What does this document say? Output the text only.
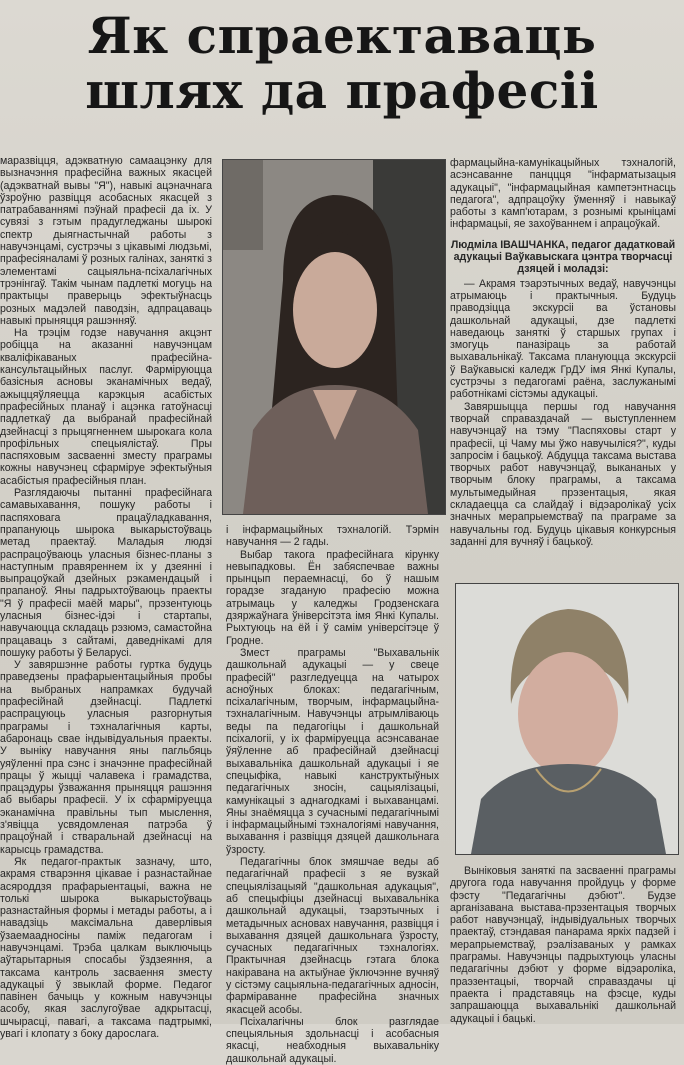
Як спраектаваць
шлях да прафесіі

маразвіцця, адэкватную самаацэнку для вызначэння прафесійна важных якасцей (адэкватнай вывы "Я"), навыкі ацэначнага ўзроўню развіцця асобасных якасцей з патрабаваннямі пэўнай прафесіі да іх. У сувязі з гэтым прадугледжаны шырокі спектр дыягнастычнай работы з навучэнцамі, сустрэчы з цікавымі людзьмі, прафесіяналамі ў розных галінах, заняткі з элементамі сацыяльна-псіхалагічных трэнінгаў. Такім чынам падлеткі могуць на практыцы праверыць эфектыўнасць розных мадэлей паводзін, адпрацаваць навыкі прыняцця рашэнняў.

На трэцім годзе навучання акцэнт робіцца на аказанні навучэнцам кваліфікаваных прафесійна-кансультацыйных паслуг. Фарміруюцца базісныя асновы эканамічных ведаў, ажыццяўляецца карэкцыя асабістых прафесійных планаў і ацэнка гатоўнасці падлеткаў да выбранай прафесійнай дзейнасці з прыцягненнем шырокага кола профільных спецыялістаў. Пры паспяховым засваенні зместу праграмы кожны навучэнец сфарміруе эфектыўныя асабістыя прафесійныя план.

Разглядаючы пытанні прафесійнага самавыхавання, пошуку работы і паспяховага працаўладкавання, прапануюць шырока выкарыстоўваць метад праектаў. Маладыя людзі распрацоўваюць уласныя бізнес-планы з наступным правяреннем іх у дзеянні і выпрацоўкай дзейных рэкамендацый і прапаноў. Яны падрыхтоўваюць праекты "Я ў прафесіі маёй мары", прэзентуюць уласныя бізнес-ідэі і стартапы, навучаюцца складаць рэзюмэ, самастойна працаваць з сайтамі, даведнікамі для пошуку работы ў Беларусі.

У завяршэнне работы гуртка будуць праведзены прафарыентацыйныя пробы на выбраных напрамках будучай прафесійнай дзейнасці. Падлеткі распрацуюць уласныя разгорнутыя праграмы і тэхналагічныя карты, абаронаць свае індывідуальныя праекты. У выніку навучання яны пагльбяць уяўленні пра сэнс і значэнне прафесійнай працы ў жыцці чалавека і грамадства, працэдуры ўзважання прыняцця рашэння аб выбары прафесіі. У іх сфарміруецца эканамічна правільны тып мыслення, з'явіцца усвядомленая патрэба ў працоўнай і стваральнай дзейнасці на карысць грамадства.

Як педагог-практык зазначу, што, акрамя стварэння цікавае і разнастайнае асяроддзя прафарыентацыі, важна не толькі шырока выкарыстоўваць разнастайныя формы і метады работы, а і навадзіць максімальна даверлівыя ўзаемаадносіны паміж педагогам і навучэнцамі. Трэба цалкам выключыць аўтарытарныя спосабы ўздзеяння, а таксама кантроль засваення зместу адукацыі ў звыклай форме. Педагог павінен бачыць у кожным навучэнцы асобу, якая заслугоўвае адкрытасці, шчырасці, павагі, а таксама падтрымкі, увагі і клопату з боку дарослага.

і інфармацыйных тэхналогій. Тэрмін навучання — 2 гады.

Выбар такога прафесійнага кірунку невыпадковы. Ён забяспечвае важны прынцып пераемнасці, бо ў нашым горадзе згаданую прафесію можна атрымаць у каледжы Гродзенскага дзяржаўнага ўніверсітэта імя Янкі Купалы. Рыхтуюць на ёй і ў самім універсітэце ў Гродне.

Змест праграмы "Выхавальнік дашкольнай адукацыі — у свеце прафесій" разгледуецца на чатырох асноўных блоках: педагагічным, псіхалагічным, творчым, інфармацыйна-тэхналагічным. Навучэнцы атрымліваюць веды па педагогіцы і дашкольнай псіхалогіі, у іх фарміруецца асэнсаванае ўяўленне аб прафесійнай дзейнасці выхавальніка дашкольнай адукацыі і яе спецыфіка, навыкі канструктыўных педагагічных зносін, сацыялізацыі, камунікацыі з аднагодкамі і выхаванцамі. Яны знаёмяцца з сучаснымі педагагічнымі і інфармацыйнымі тэхналогіямі навучання, выхавання і развіцця дзяцей дашкольнага ўзросту.

Педагагічны блок змяшчае веды аб педагагічнай прафесіі з яе вузкай спецыялізацыяй "дашкольная адукацыя", аб спецыфіцы дзейнасці выхавальніка дашкольнай адукацыі, тэарэтычных і метадычных асновах навучання, развіцця і выхавання дзяцей дашкольнага ўзросту, сучасных педагагічных тэхналогіях. Практычная дзейнасць гэтага блока накіравана на актыўнае ўключэнне вучняў у сістэму сацыяльна-педагагічных адносін, фарміраванне прафесійна значных якасцей асобы.

Псіхалагічны блок разглядае спецыяльныя здольнасці і асобасныя якасці, неабходныя выхавальніку дашкольнай адукацыі.

фармацыйна-камунікацыйных тэхналогій, асэнсаванне панццця "інфарматызацыя адукацыі", "інфармацыйная кампетэнтнасць педагога", адпрацоўку ўменняў і навыкаў работы з камп'ютарам, з рознымі крыніцамі інфармацыі, яе захоўваннем і апрацоўкай.

Людміла ІВАШЧАНКА, педагог дадатковай адукацыі Ваўкавыскага цэнтра творчасці дзяцей і моладзі:

— Акрамя тэарэтычных ведаў, навучэнцы атрымаюць і практычныя. Будуць праводзіцца экскурсіі ва ўстановы дашкольнай адукацыі, дзе падлеткі наведаюць заняткі ў старшых групах і змогуць паназіраць за работай выхавальнікаў. Таксама плануюцца экскурсіі ў Ваўкавыскі каледж ГрДУ імя Янкі Купалы, сустрэчы з педагогамі раёна, заслужанымі работнікамі сістэмы адукацыі.

Завяршыцца першы год навучання творчай справаздачай — выступленнем навучэнцаў на тэму "Паспяховы старт у прафесіі, ці Чаму мы ўжо навучыліся?", куды запросім і бацькоў. Абдуцца таксама выстава творчых работ навучэнцаў, выкананых у творчым блоку праграмы, а таксама мультымедыйная прэзентацыя, якая складаецца са слайдаў і відэаролікаў усіх значных мерапрыемстваў па праграме за навучальны год. Будуць цікавыя конкурсныя заданні для вучняў і бацькоў.

Выніковыя заняткі па засваенні праграмы другога года навучання пройдуць у форме фэсту "Педагагічны дэбют". Будзе арганізавана выстава-прэзентацыя творчых работ навучэнцаў, індывідуальных творчых праектаў, стэндавая панарама яркіх падзей і мерапрыемстваў, рэалізаваных у рамках праграмы. Навучэнцы падрыхтуюць уласны педагагічны дэбют у форме відэароліка, праэзентацыі, творчай справаздачы ці праекта і прадставяць на фэсце, куды запрашаюцца выхавальнікі дашкольнай адукацыі і бацькі.
